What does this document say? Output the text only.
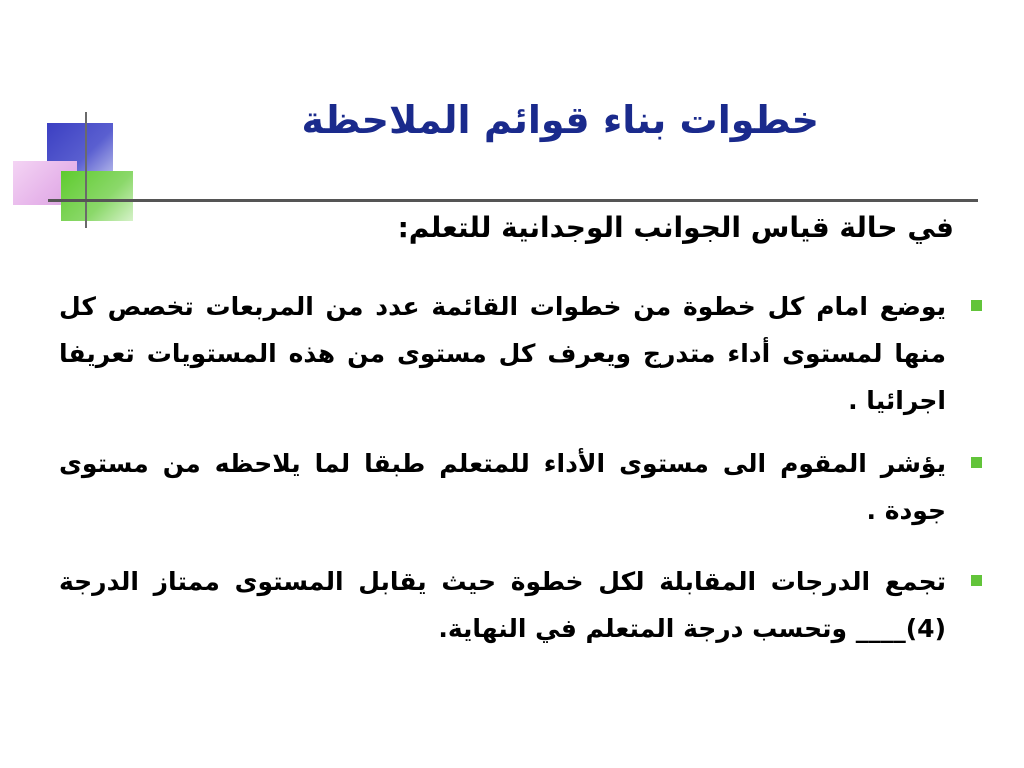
خطوات بناء قوائم الملاحظة
في حالة قياس الجوانب الوجدانية للتعلم:
يوضع امام كل خطوة من خطوات القائمة عدد من المربعات تخصص كل منها لمستوى أداء متدرج ويعرف كل مستوى من هذه المستويات تعريفا اجرائيا .
يؤشر المقوم الى مستوى الأداء للمتعلم طبقا لما يلاحظه من مستوى جودة .
تجمع الدرجات المقابلة لكل خطوة حيث يقابل المستوى ممتاز الدرجة (4)____ وتحسب درجة المتعلم في النهاية.
